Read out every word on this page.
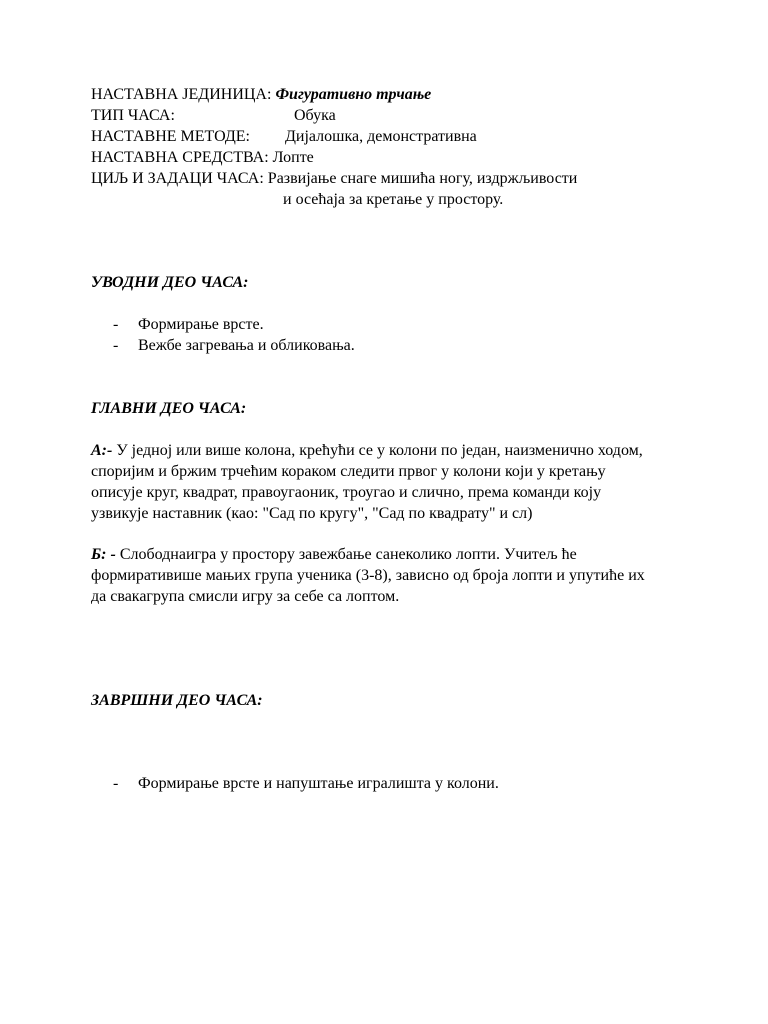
НАСТАВНА ЈЕДИНИЦА: Фигуративно трчање
ТИП ЧАСА:	Обука
НАСТАВНЕ МЕТОДЕ: Дијалошка, демонстративна
НАСТАВНА СРЕДСТВА: Лопте
ЦИЉ И ЗАДАЦИ ЧАСА: Развијање снаге мишића ногу, издржљивости
и осећаја за кретање у простору.
УВОДНИ ДЕО ЧАСА:
- Формирање врсте.
- Вежбе загревања и обликовања.
ГЛАВНИ ДЕО ЧАСА:
А:- У једној или више колона, крећући се у колони по један, наизменично ходом,
споријим и бржим трчећим кораком следити првог у колони који у кретању
описује круг, квадрат, правоугаоник, троугао и слично, према команди коју
узвикује наставник (као: "Сад по кругу", "Сад по квадрату" и сл)
Б: - Слободнаигра у простору завежбање санеколико лопти. Учитељ ће
формиративише мањих група ученика (3-8), зависно од броја лопти и упутиће их
да свакагрупа смисли игру за себе са лоптом.
ЗАВРШНИ ДЕО ЧАСА:
- Формирање врсте и напуштање игралишта у колони.
